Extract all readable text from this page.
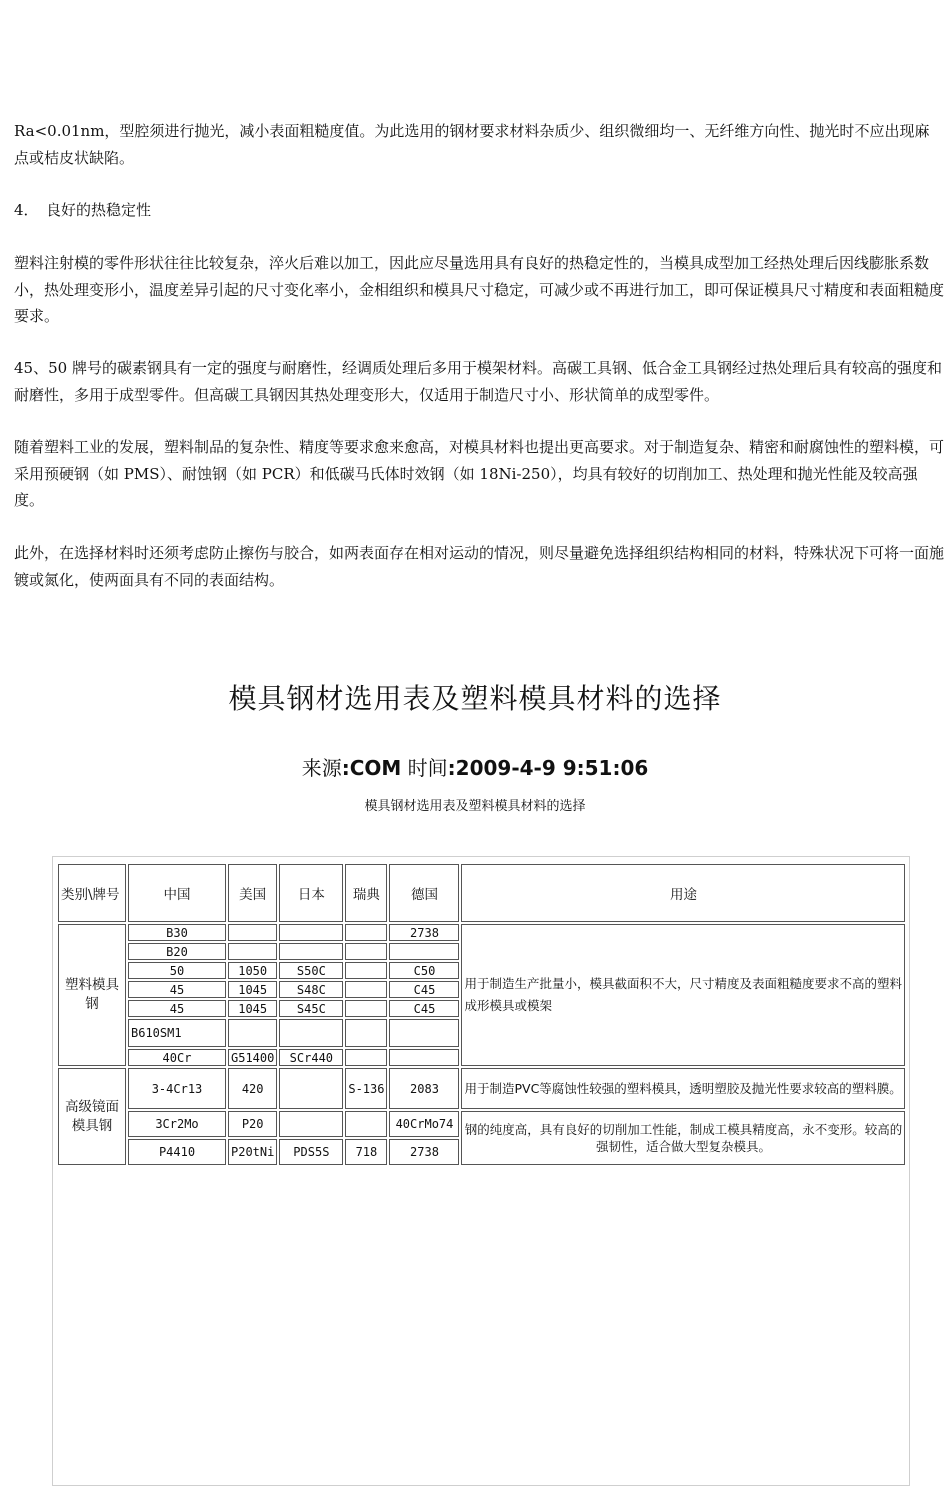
Ra<0.01nm，型腔须进行抛光，减小表面粗糙度值。为此选用的钢材要求材料杂质少、组织微细均一、无纤维方向性、抛光时不应出现麻点或桔皮状缺陷。

4．　良好的热稳定性

塑料注射模的零件形状往往比较复杂，淬火后难以加工，因此应尽量选用具有良好的热稳定性的，当模具成型加工经热处理后因线膨胀系数小，热处理变形小，温度差异引起的尺寸变化率小，金相组织和模具尺寸稳定，可减少或不再进行加工，即可保证模具尺寸精度和表面粗糙度要求。

45、50 牌号的碳素钢具有一定的强度与耐磨性，经调质处理后多用于模架材料。高碳工具钢、低合金工具钢经过热处理后具有较高的强度和耐磨性，多用于成型零件。但高碳工具钢因其热处理变形大，仅适用于制造尺寸小、形状简单的成型零件。

随着塑料工业的发展，塑料制品的复杂性、精度等要求愈来愈高，对模具材料也提出更高要求。对于制造复杂、精密和耐腐蚀性的塑料模，可采用预硬钢（如 PMS）、耐蚀钢（如 PCR）和低碳马氏体时效钢（如 18Ni-250），均具有较好的切削加工、热处理和抛光性能及较高强度。

此外，在选择材料时还须考虑防止擦伤与胶合，如两表面存在相对运动的情况，则尽量避免选择组织结构相同的材料，特殊状况下可将一面施镀或氮化，使两面具有不同的表面结构。

模具钢材选用表及塑料模具材料的选择
来源:COM 时间:2009-4-9 9:51:06
模具钢材选用表及塑料模具材料的选择
类别\牌号	中国	美国	日本	瑞典	德国	用途
塑料模具钢	B30				2738	用于制造生产批量小，模具截面积不大，尺寸精度及表面粗糙度要求不高的塑料成形模具或模架
	B20					
	50	1050	S50C		C50	
	45	1045	S48C		C45	
	45	1045	S45C		C45	
	B610SM1					
	40Cr	G51400	SCr440			
高级镜面模具钢	3-4Cr13	420		S-136	2083	用于制造PVC等腐蚀性较强的塑料模具，透明塑胶及抛光性要求较高的塑料膜。
	3Cr2Mo	P20			40CrMo74	钢的纯度高，具有良好的切削加工性能，制成工模具精度高，永不变形。较高的强韧性，适合做大型复杂模具。
	P4410	P20tNi	PDS5S	718	2738	
